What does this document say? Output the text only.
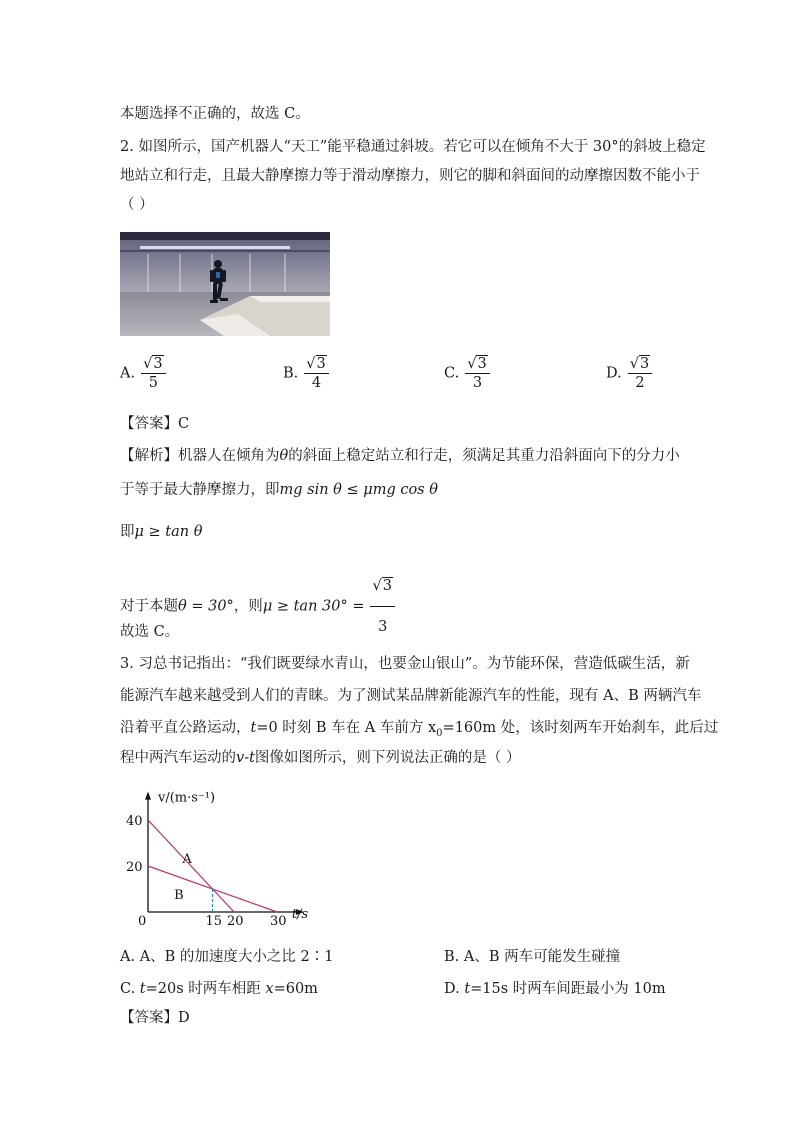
本题选择不正确的，故选 C。
2. 如图所示，国产机器人“天工”能平稳通过斜坡。若它可以在倾角不大于 30°的斜坡上稳定
地站立和行走，且最大静摩擦力等于滑动摩擦力，则它的脚和斜面间的动摩擦因数不能小于
（ ）
A. $\frac{√3}{5}$	B. $\frac{√3}{4}$	C. $\frac{√3}{3}$	D. $\frac{√3}{2}$
【答案】C
【解析】机器人在倾角为θ的斜面上稳定站立和行走，须满足其重力沿斜面向下的分力小
于等于最大静摩擦力，即mg sin θ ≤ μmg cos θ
即μ ≥ tan θ
对于本题θ = 30°，则$\mu \ge \tan 30^\circ = \frac{√3}{3}$
故选 C。
3. 习总书记指出：“我们既要绿水青山，也要金山银山”。为节能环保，营造低碳生活，新
能源汽车越来越受到人们的青睐。为了测试某品牌新能源汽车的性能，现有 A、B 两辆汽车
沿着平直公路运动，t=0 时刻 B 车在 A 车前方 $x_0=160m$ 处，该时刻两车开始刹车，此后过
程中两汽车运动的v-t图像如图所示，则下列说法正确的是（ ）
v/(m·s⁻¹)
t/s
0
40
20
15 20 30
A
B
A. A、B 的加速度大小之比 2∶1	B. A、B 两车可能发生碰撞
C. t=20s 时两车相距 x=60m	D. t=15s 时两车间距最小为 10m
【答案】D
